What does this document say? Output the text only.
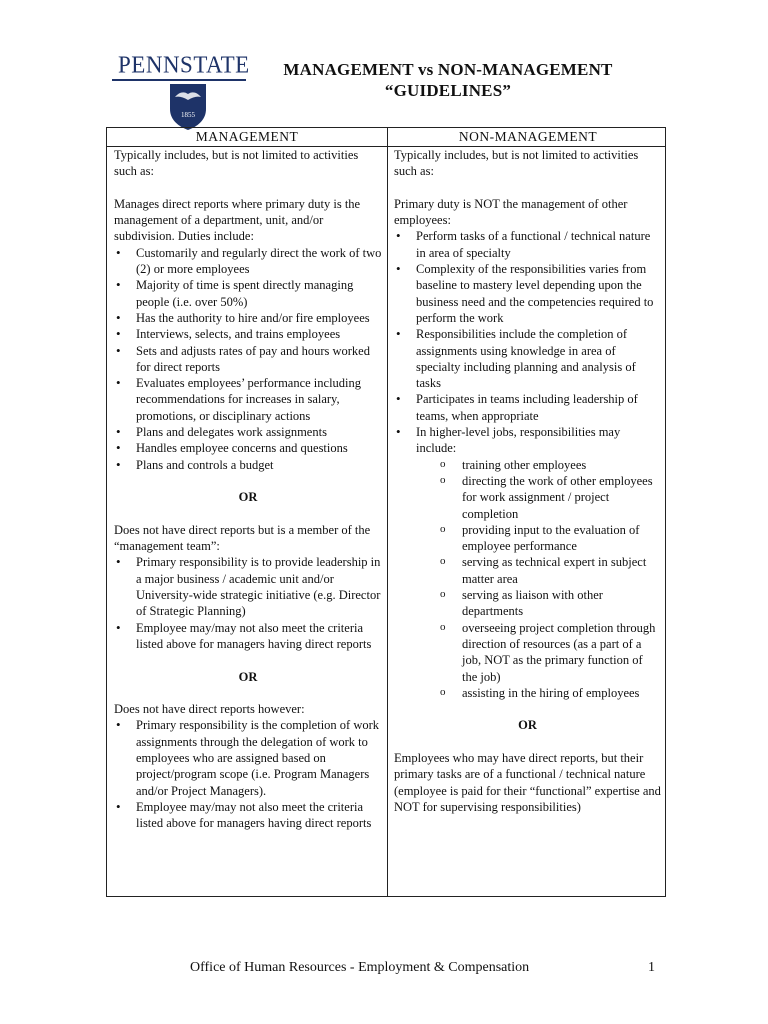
PENNSTATE
1855
MANAGEMENT vs NON-MANAGEMENT
“GUIDELINES”
MANAGEMENT	NON-MANAGEMENT

Typically includes, but is not limited to activities such as:

Manages direct reports where primary duty is the management of a department, unit, and/or subdivision. Duties include:

• Customarily and regularly direct the work of two (2) or more employees
• Majority of time is spent directly managing people (i.e. over 50%)
• Has the authority to hire and/or fire employees
• Interviews, selects, and trains employees
• Sets and adjusts rates of pay and hours worked for direct reports
• Evaluates employees’ performance including recommendations for increases in salary, promotions, or disciplinary actions
• Plans and delegates work assignments
• Handles employee concerns and questions
• Plans and controls a budget

OR

Does not have direct reports but is a member of the “management team”:

• Primary responsibility is to provide leadership in a major business / academic unit and/or University-wide strategic initiative (e.g. Director of Strategic Planning)
• Employee may/may not also meet the criteria listed above for managers having direct reports

OR

Does not have direct reports however:

• Primary responsibility is the completion of work assignments through the delegation of work to employees who are assigned based on project/program scope (i.e. Program Managers and/or Project Managers).
• Employee may/may not also meet the criteria listed above for managers having direct reports

Typically includes, but is not limited to activities such as:

Primary duty is NOT the management of other employees:

• Perform tasks of a functional / technical nature in area of specialty
• Complexity of the responsibilities varies from baseline to mastery level depending upon the business need and the competencies required to perform the work
• Responsibilities include the completion of assignments using knowledge in area of specialty including planning and analysis of tasks
• Participates in teams including leadership of teams, when appropriate
• In higher-level jobs, responsibilities may include:
o training other employees
o directing the work of other employees for work assignment / project completion
o providing input to the evaluation of employee performance
o serving as technical expert in subject matter area
o serving as liaison with other departments
o overseeing project completion through direction of resources (as a part of a job, NOT as the primary function of the job)
o assisting in the hiring of employees

OR

Employees who may have direct reports, but their primary tasks are of a functional / technical nature (employee is paid for their “functional” expertise and NOT for supervising responsibilities)

Office of Human Resources - Employment & Compensation	1
